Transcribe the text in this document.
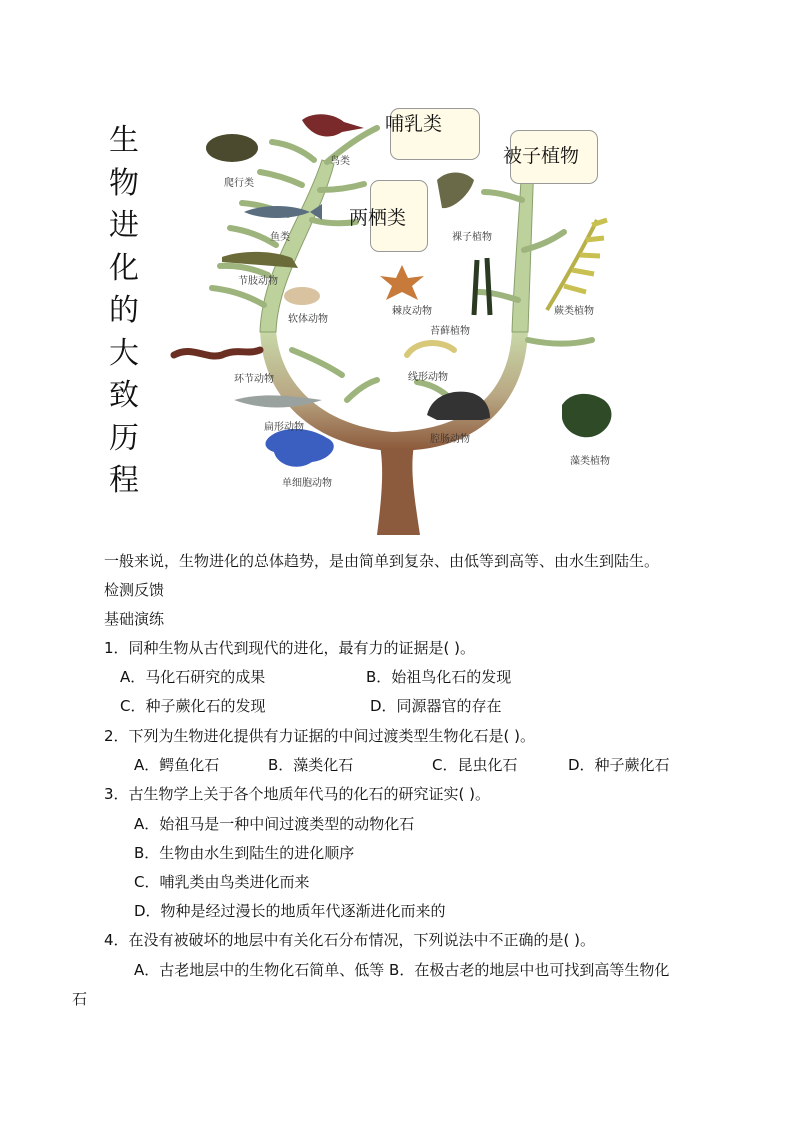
生
物
进
化
的
大
致
历
程
爬行类
鸟类
鱼类
节肢动物
软体动物
环节动物
扁形动物
单细胞动物
棘皮动物
线形动物
腔肠动物
裸子植物
苔藓植物
蕨类植物
藻类植物
哺乳类
两栖类
被子植物
一般来说，生物进化的总体趋势，是由简单到复杂、由低等到高等、由水生到陆生。
检测反馈
基础演练
1．同种生物从古代到现代的进化，最有力的证据是( )。
A．马化石研究的成果	B．始祖鸟化石的发现
C．种子蕨化石的发现	D．同源器官的存在
2．下列为生物进化提供有力证据的中间过渡类型生物化石是( )。
A．鳄鱼化石	B．藻类化石	C．昆虫化石	D．种子蕨化石
3．古生物学上关于各个地质年代马的化石的研究证实( )。
A．始祖马是一种中间过渡类型的动物化石
B．生物由水生到陆生的进化顺序
C．哺乳类由鸟类进化而来
D．物种是经过漫长的地质年代逐渐进化而来的
4．在没有被破坏的地层中有关化石分布情况，下列说法中不正确的是( )。
A．古老地层中的生物化石简单、低等 B．在极古老的地层中也可找到高等生物化
石
